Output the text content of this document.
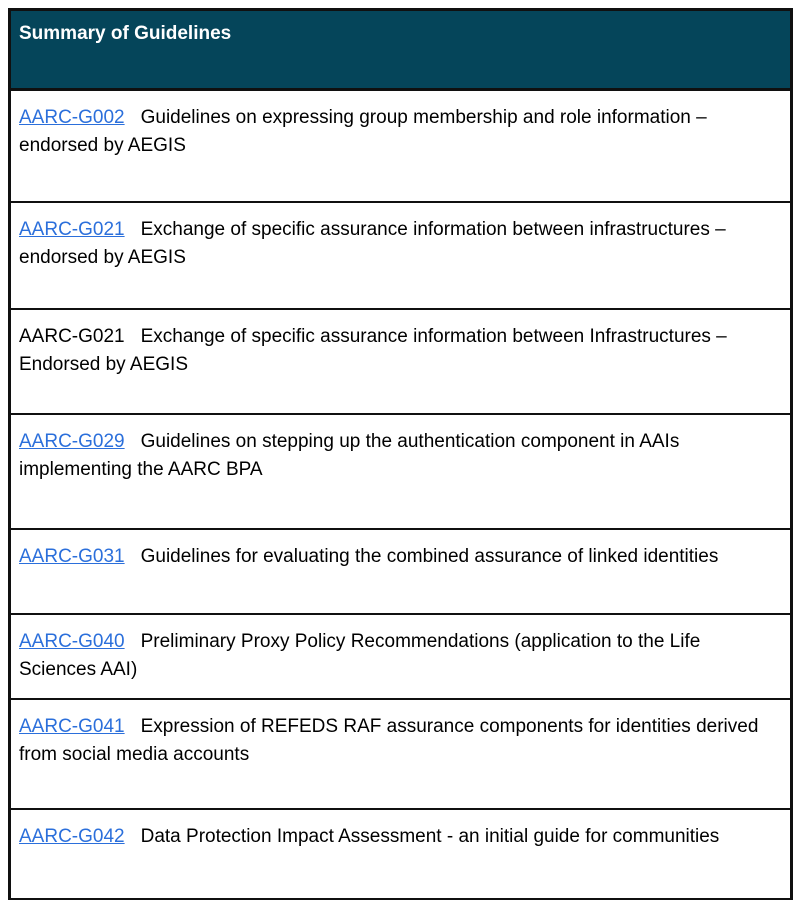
Summary of Guidelines
AARC-G002 Guidelines on expressing group membership and role information – endorsed by AEGIS
AARC-G021 Exchange of specific assurance information between infrastructures – endorsed by AEGIS
AARC-G021 Exchange of specific assurance information between Infrastructures – Endorsed by AEGIS
AARC-G029 Guidelines on stepping up the authentication component in AAIs implementing the AARC BPA
AARC-G031 Guidelines for evaluating the combined assurance of linked identities
AARC-G040 Preliminary Proxy Policy Recommendations (application to the Life Sciences AAI)
AARC-G041 Expression of REFEDS RAF assurance components for identities derived from social media accounts
AARC-G042 Data Protection Impact Assessment - an initial guide for communities
